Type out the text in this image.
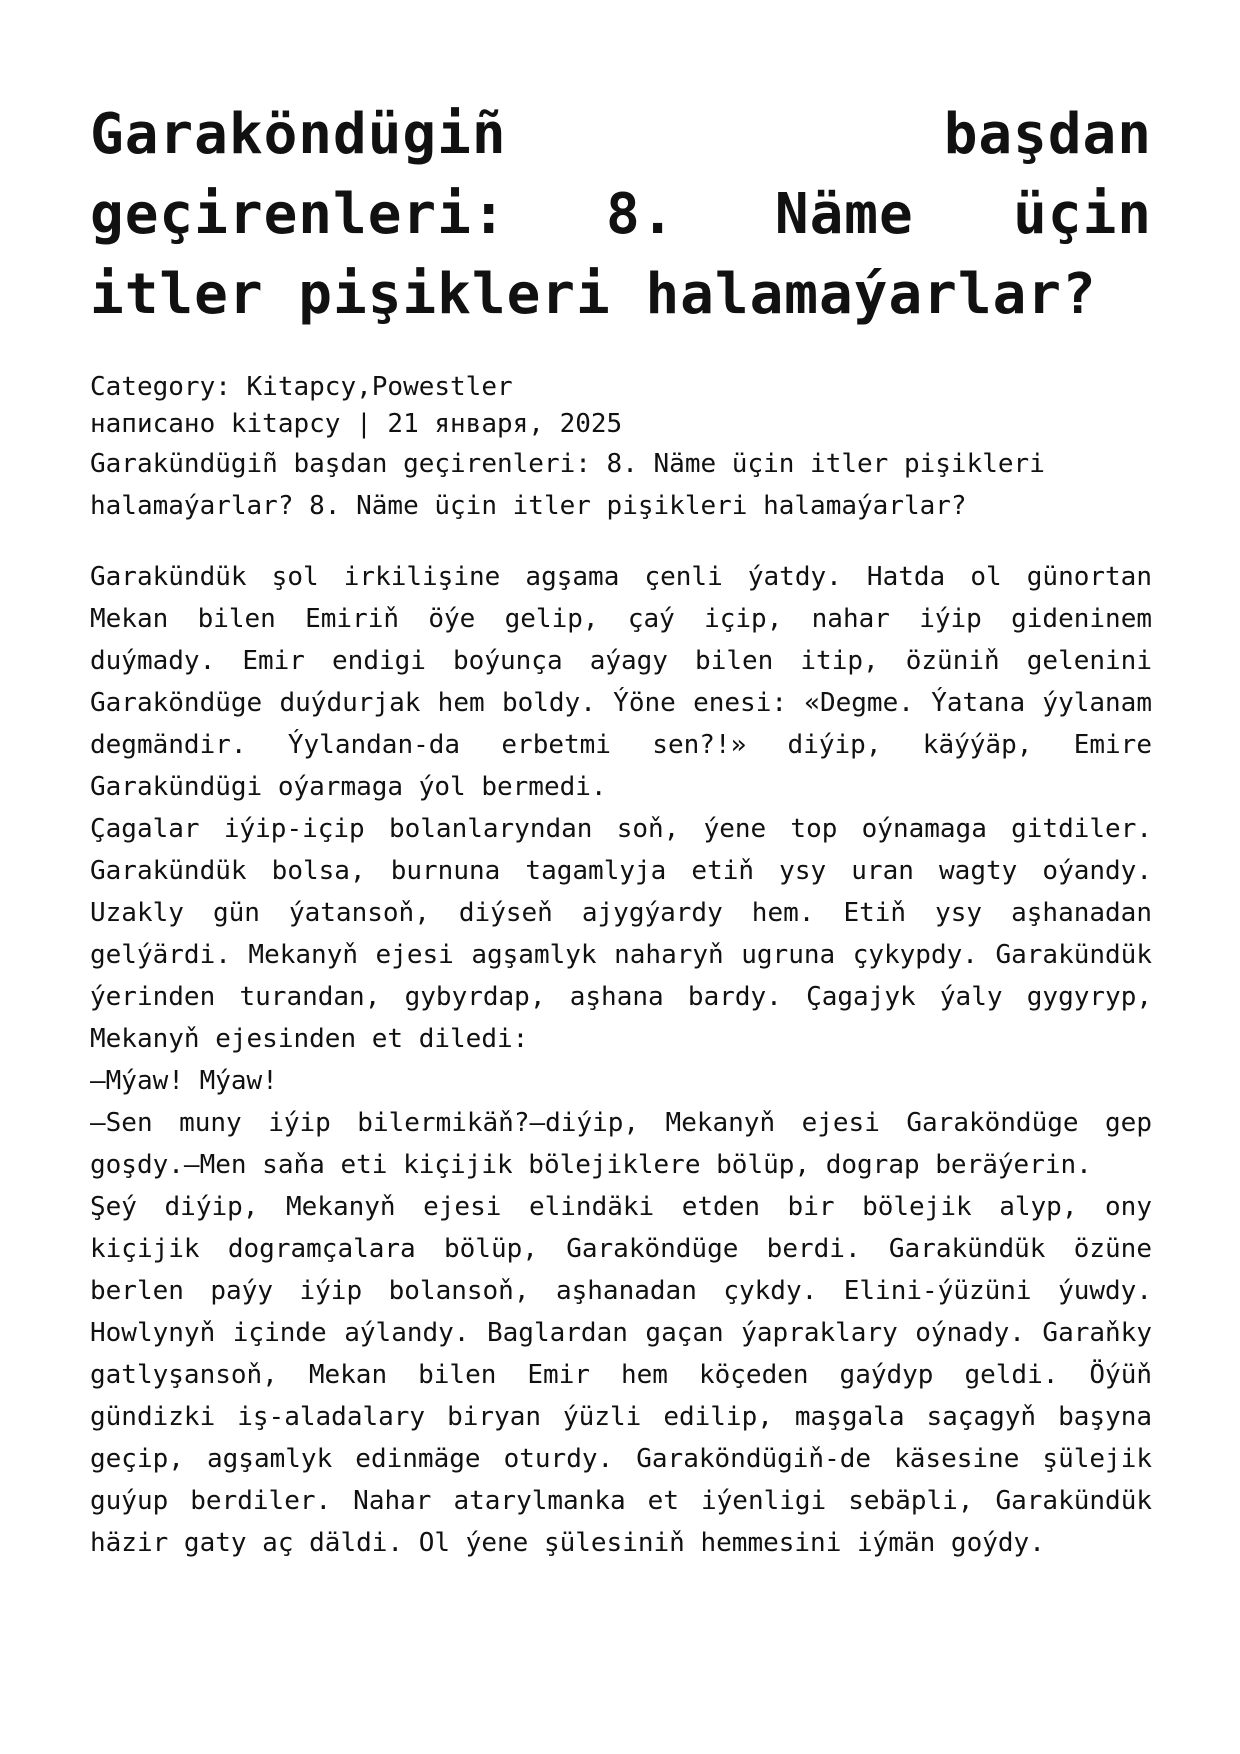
Garaköndügiñ başdan geçirenleri: 8. Näme üçin itler pişikleri halamaýarlar?
Category: Kitapcy,Powestler
написано kitapcy | 21 января, 2025
Garakündügiñ başdan geçirenleri: 8. Näme üçin itler pişikleri halamaýarlar? 8. Näme üçin itler pişikleri halamaýarlar?

Garakündük şol irkilişine agşama çenli ýatdy. Hatda ol günortan Mekan bilen Emiriň öýe gelip, çaý içip, nahar iýip gideninem duýmady. Emir endigi boýunça aýagy bilen itip, özüniň gelenini Garaköndüge duýdurjak hem boldy. Ýöne enesi: «Degme. Ýatana ýylanam degmändir. Ýylandan-da erbetmi sen?!» diýip, käýýäp, Emire Garakündügi oýarmaga ýol bermedi.

Çagalar iýip-içip bolanlaryndan soň, ýene top oýnamaga gitdiler. Garakündük bolsa, burnuna tagamlyja etiň ysy uran wagty oýandy. Uzakly gün ýatansoň, diýseň ajygýardy hem. Etiň ysy aşhanadan gelýärdi. Mekanyň ejesi agşamlyk naharyň ugruna çykypdy. Garakündük ýerinden turandan, gybyrdap, aşhana bardy. Çagajyk ýaly gygyryp, Mekanyň ejesinden et diledi:

—Mýaw! Mýaw!

—Sen muny iýip bilermikäň?—diýip, Mekanyň ejesi Garaköndüge gep goşdy.—Men saňa eti kiçijik bölejiklere bölüp, dograp beräýerin.

Şeý diýip, Mekanyň ejesi elindäki etden bir bölejik alyp, ony kiçijik dogramçalara bölüp, Garaköndüge berdi. Garakündük özüne berlen paýy iýip bolansoň, aşhanadan çykdy. Elini-ýüzüni ýuwdy. Howlynyň içinde aýlandy. Baglardan gaçan ýapraklary oýnady. Garaňky gatlyşansoň, Mekan bilen Emir hem köçeden gaýdyp geldi. Öýüň gündizki iş-aladalary biryan ýüzli edilip, maşgala saçagyň başyna geçip, agşamlyk edinmäge oturdy. Garaköndügiň-de käsesine şülejik guýup berdiler. Nahar atarylmanka et iýenligi sebäpli, Garakündük häzir gaty aç däldi. Ol ýene şülesiniň hemmesini iýmän goýdy.
